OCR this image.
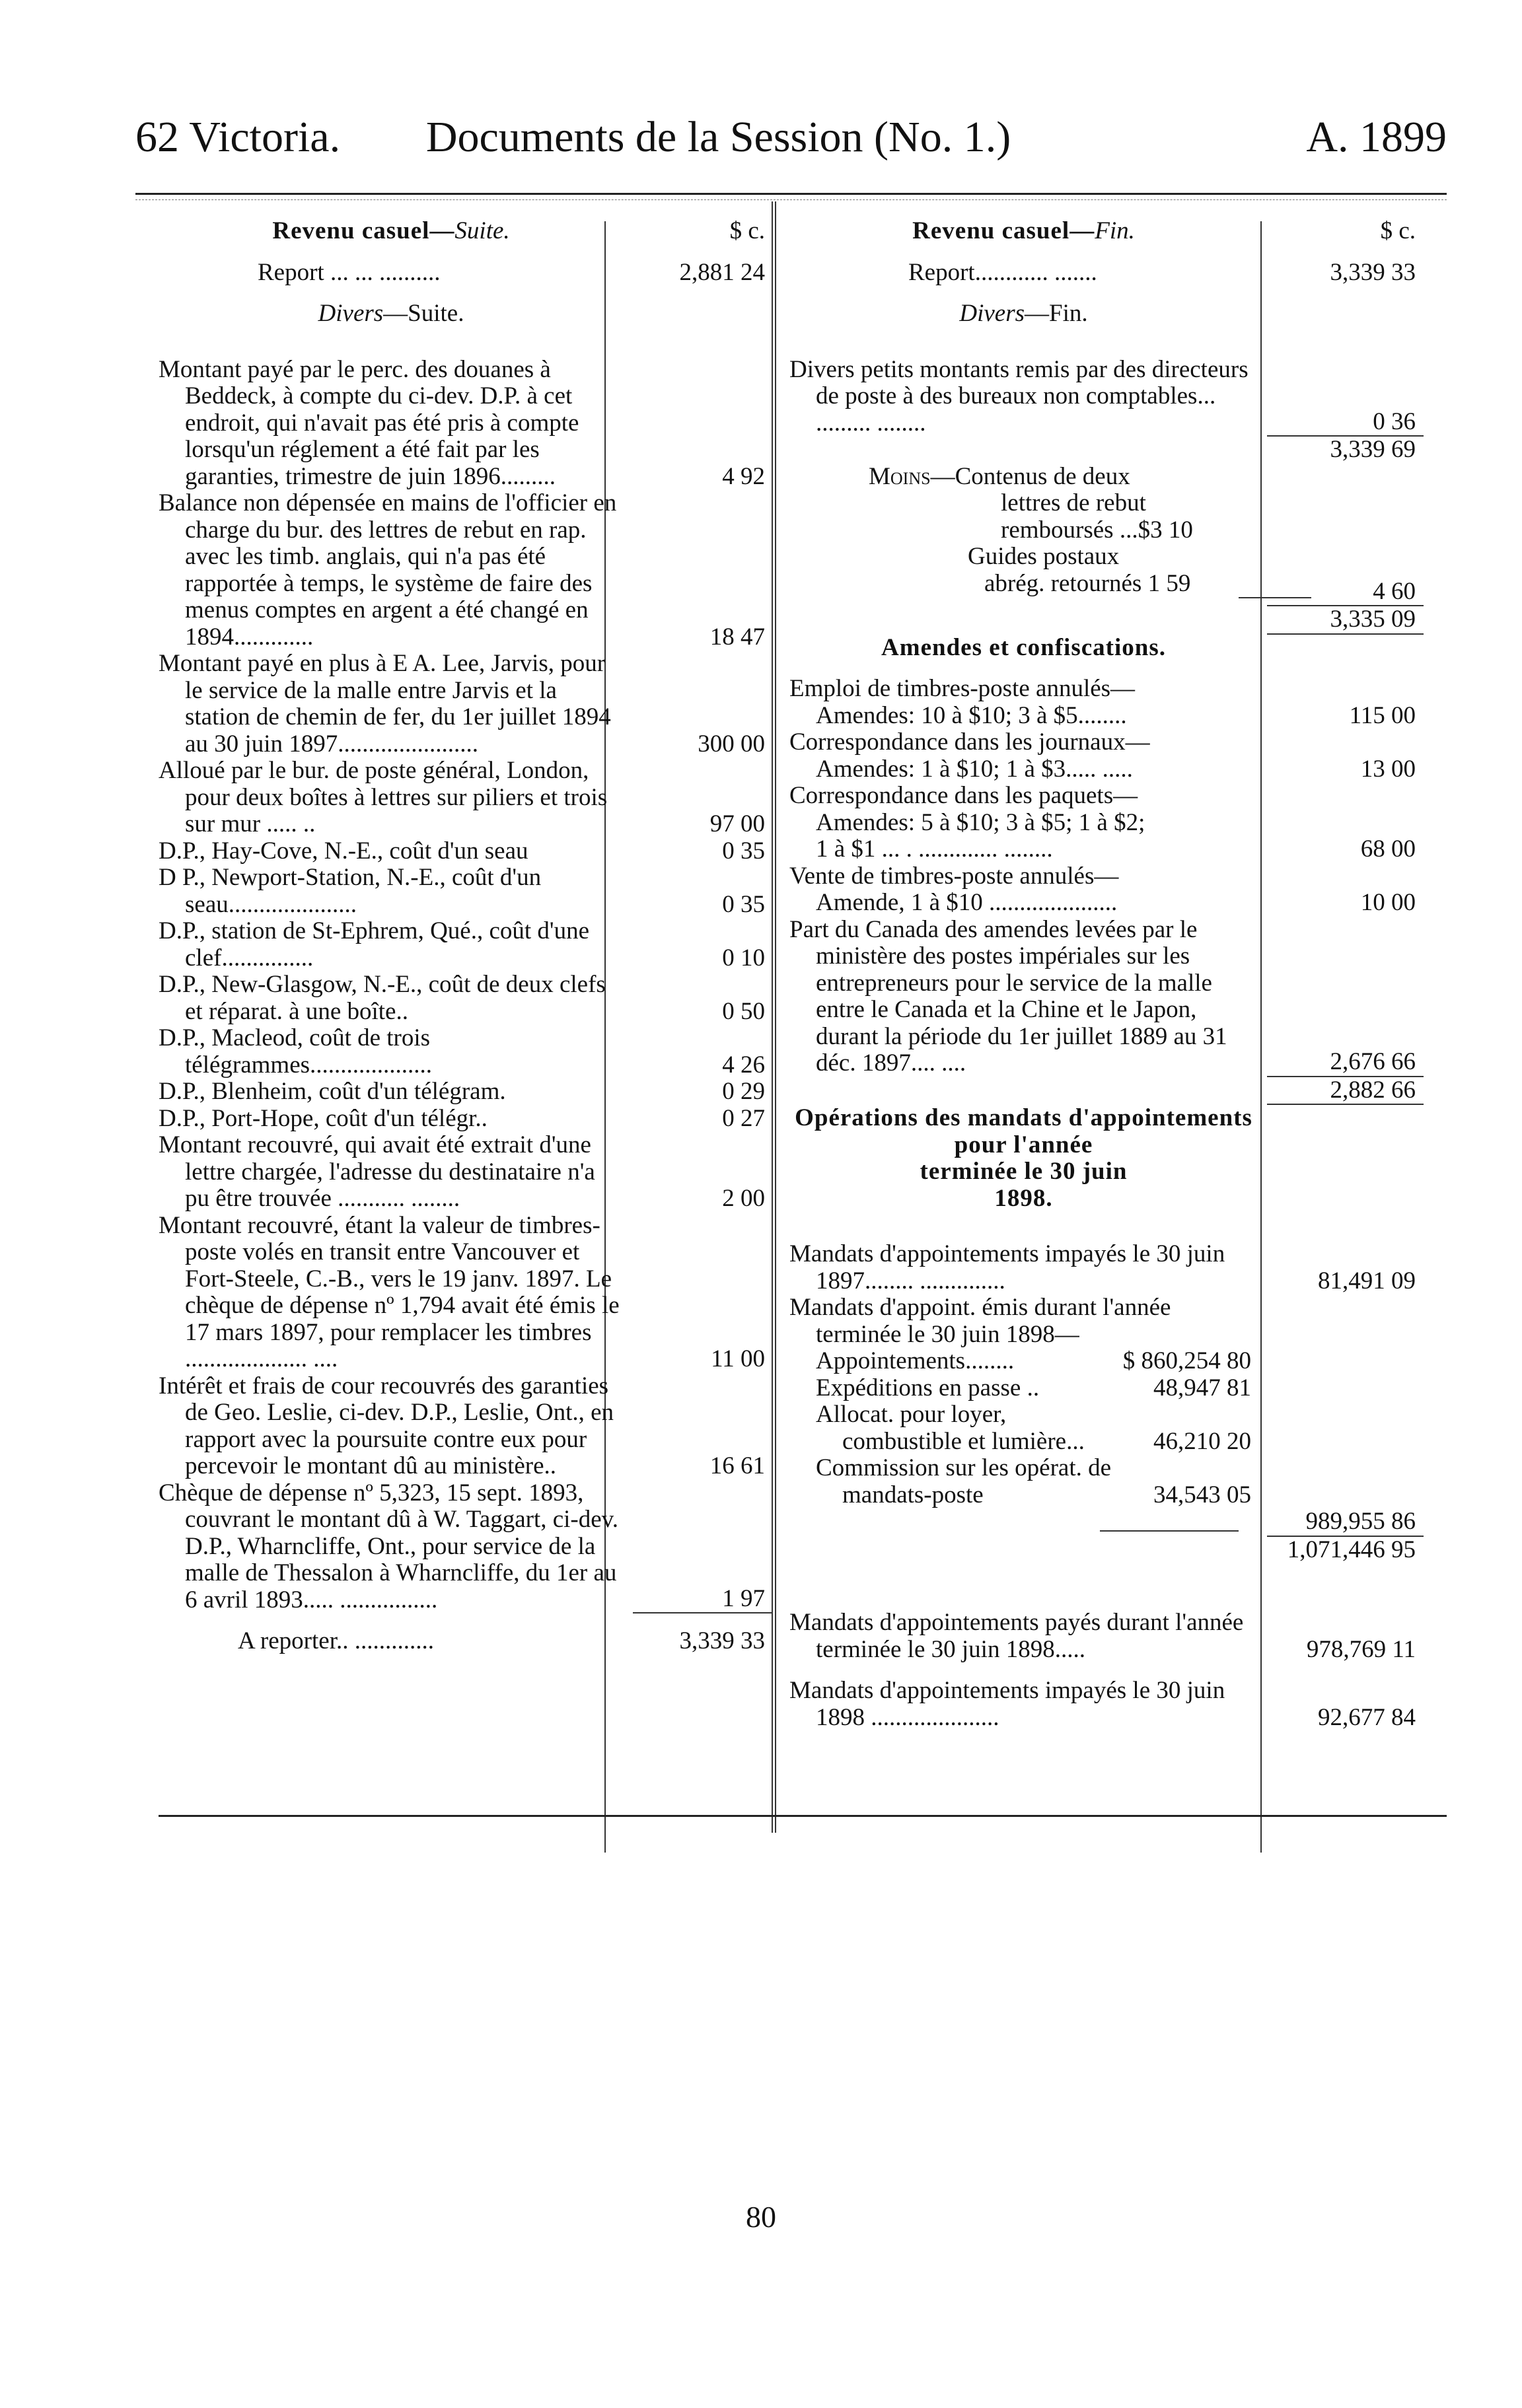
62 Victoria.	Documents de la Session (No. 1.)	A. 1899
Revenu casuel—Suite.	$ c.
Report ... ... ..........	2,881 24
Divers—Suite.
Montant payé par le perc. des douanes à Beddeck, à compte du ci-dev. D.P. à cet endroit, qui n'avait pas été pris à compte lorsqu'un réglement a été fait par les garanties, trimestre de juin 1896.........	4 92
Balance non dépensée en mains de l'officier en charge du bur. des lettres de rebut en rap. avec les timb. anglais, qui n'a pas été rapportée à temps, le système de faire des menus comptes en argent a été changé en 1894.............	18 47
Montant payé en plus à E A. Lee, Jarvis, pour le service de la malle entre Jarvis et la station de chemin de fer, du 1er juillet 1894 au 30 juin 1897.......................	300 00
Alloué par le bur. de poste général, London, pour deux boîtes à lettres sur piliers et trois sur mur ..... ..	97 00
D.P., Hay-Cove, N.-E., coût d'un seau	0 35
D P., Newport-Station, N.-E., coût d'un seau.....................	0 35
D.P., station de St-Ephrem, Qué., coût d'une clef...............	0 10
D.P., New-Glasgow, N.-E., coût de deux clefs et réparat. à une boîte..	0 50
D.P., Macleod, coût de trois télégrammes....................	4 26
D.P., Blenheim, coût d'un télégram.	0 29
D.P., Port-Hope, coût d'un télégr..	0 27
Montant recouvré, qui avait été extrait d'une lettre chargée, l'adresse du destinataire n'a pu être trouvée ........... ........	2 00
Montant recouvré, étant la valeur de timbres-poste volés en transit entre Vancouver et Fort-Steele, C.-B., vers le 19 janv. 1897. Le chèque de dépense nº 1,794 avait été émis le 17 mars 1897, pour remplacer les timbres .................... ....	11 00
Intérêt et frais de cour recouvrés des garanties de Geo. Leslie, ci-dev. D.P., Leslie, Ont., en rapport avec la poursuite contre eux pour percevoir le montant dû au ministère..	16 61
Chèque de dépense nº 5,323, 15 sept. 1893, couvrant le montant dû à W. Taggart, ci-dev. D.P., Wharncliffe, Ont., pour service de la malle de Thessalon à Wharncliffe, du 1er au 6 avril 1893..... ................	1 97
A reporter.. .............	3,339 33
Revenu casuel—Fin.	$ c.
Report............ .......	3,339 33
Divers—Fin.
Divers petits montants remis par des directeurs de poste à des bureaux non comptables... ......... ........	0 36
3,339 69
Moins—Contenus de deux
lettres de rebut
remboursés ...$3 10
Guides postaux
abrég. retournés 1 59	4 60
3,335 09
Amendes et confiscations.
Emploi de timbres-poste annulés—
Amendes: 10 à $10; 3 à $5........	115 00
Correspondance dans les journaux—
Amendes: 1 à $10; 1 à $3..... .....	13 00
Correspondance dans les paquets—
Amendes: 5 à $10; 3 à $5; 1 à $2;
1 à $1 ... . ............. ........	68 00
Vente de timbres-poste annulés—
Amende, 1 à $10 .....................	10 00
Part du Canada des amendes levées par le ministère des postes impériales sur les entrepreneurs pour le service de la malle entre le Canada et la Chine et le Japon, durant la période du 1er juillet 1889 au 31 déc. 1897.... ....	2,676 66
2,882 66
Opérations des mandats d'appointements pour l'année
terminée le 30 juin
1898.
Mandats d'appointements impayés le 30 juin 1897........ ..............	81,491 09
Mandats d'appoint. émis durant l'année terminée le 30 juin 1898—
Appointements........	$ 860,254 80
Expéditions en passe ..	48,947 81
Allocat. pour loyer, combustible et lumière...	46,210 20
Commission sur les opérat. de mandats-poste	34,543 05
989,955 86
1,071,446 95
Mandats d'appointements payés durant l'année terminée le 30 juin 1898.....	978,769 11
Mandats d'appointements impayés le 30 juin 1898 .....................	92,677 84
80
